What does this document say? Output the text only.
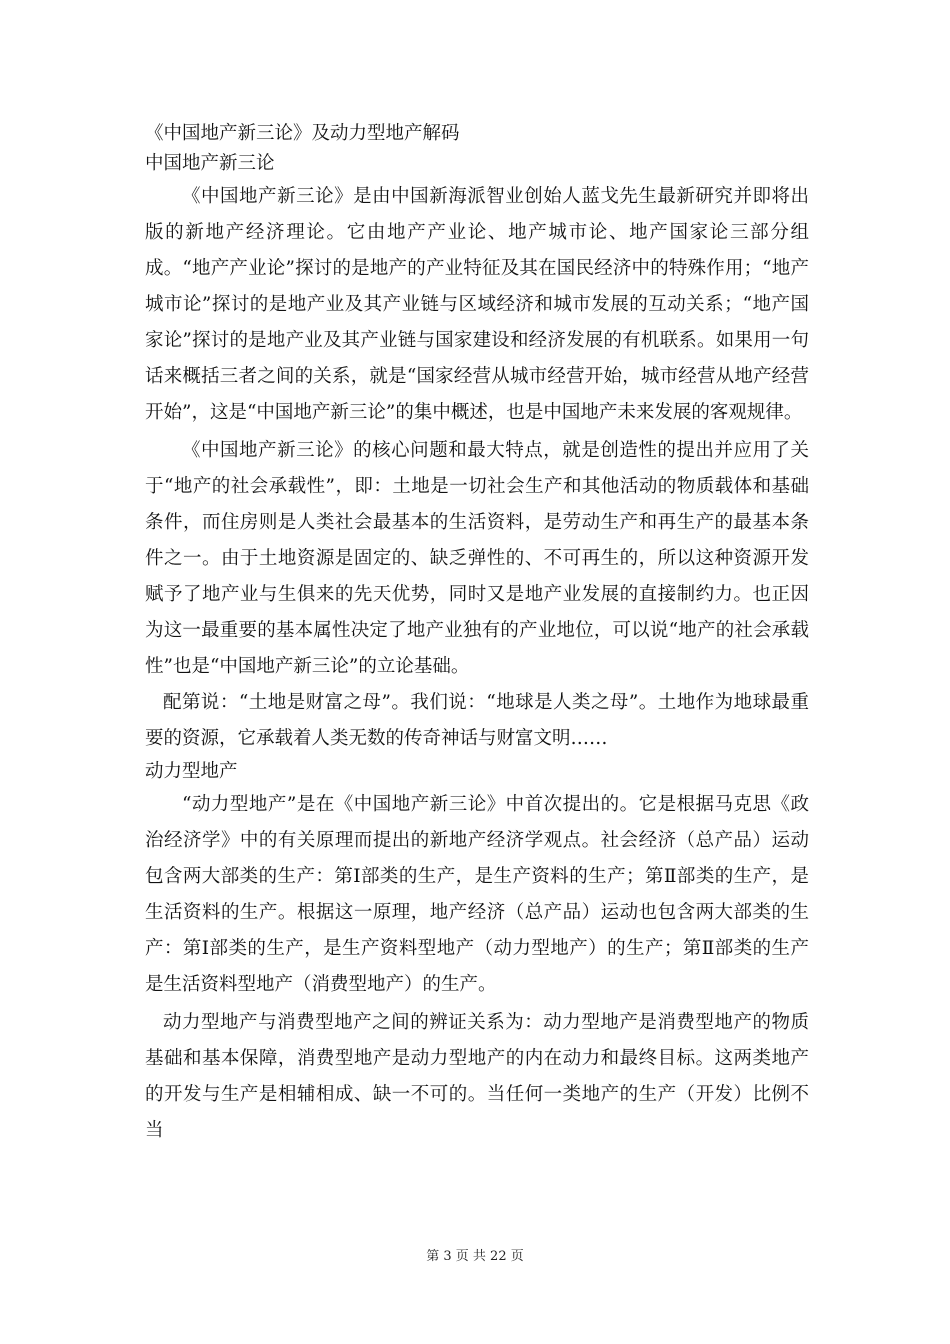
《中国地产新三论》及动力型地产解码

中国地产新三论

《中国地产新三论》是由中国新海派智业创始人蓝戈先生最新研究并即将出版的新地产经济理论。它由地产产业论、地产城市论、地产国家论三部分组成。“地产产业论”探讨的是地产的产业特征及其在国民经济中的特殊作用；“地产城市论”探讨的是地产业及其产业链与区域经济和城市发展的互动关系；“地产国家论”探讨的是地产业及其产业链与国家建设和经济发展的有机联系。如果用一句话来概括三者之间的关系，就是“国家经营从城市经营开始，城市经营从地产经营开始”，这是“中国地产新三论”的集中概述，也是中国地产未来发展的客观规律。

《中国地产新三论》的核心问题和最大特点，就是创造性的提出并应用了关于“地产的社会承载性”，即：土地是一切社会生产和其他活动的物质载体和基础条件，而住房则是人类社会最基本的生活资料，是劳动生产和再生产的最基本条件之一。由于土地资源是固定的、缺乏弹性的、不可再生的，所以这种资源开发赋予了地产业与生俱来的先天优势，同时又是地产业发展的直接制约力。也正因为这一最重要的基本属性决定了地产业独有的产业地位，可以说“地产的社会承载性”也是“中国地产新三论”的立论基础。

配第说：“土地是财富之母”。我们说：“地球是人类之母”。土地作为地球最重要的资源，它承载着人类无数的传奇神话与财富文明……

动力型地产

“动力型地产”是在《中国地产新三论》中首次提出的。它是根据马克思《政治经济学》中的有关原理而提出的新地产经济学观点。社会经济（总产品）运动包含两大部类的生产：第Ⅰ部类的生产，是生产资料的生产；第Ⅱ部类的生产，是生活资料的生产。根据这一原理，地产经济（总产品）运动也包含两大部类的生产：第Ⅰ部类的生产，是生产资料型地产（动力型地产）的生产；第Ⅱ部类的生产是生活资料型地产（消费型地产）的生产。

动力型地产与消费型地产之间的辨证关系为：动力型地产是消费型地产的物质基础和基本保障，消费型地产是动力型地产的内在动力和最终目标。这两类地产的开发与生产是相辅相成、缺一不可的。当任何一类地产的生产（开发）比例不当

第 3 页 共 22 页
